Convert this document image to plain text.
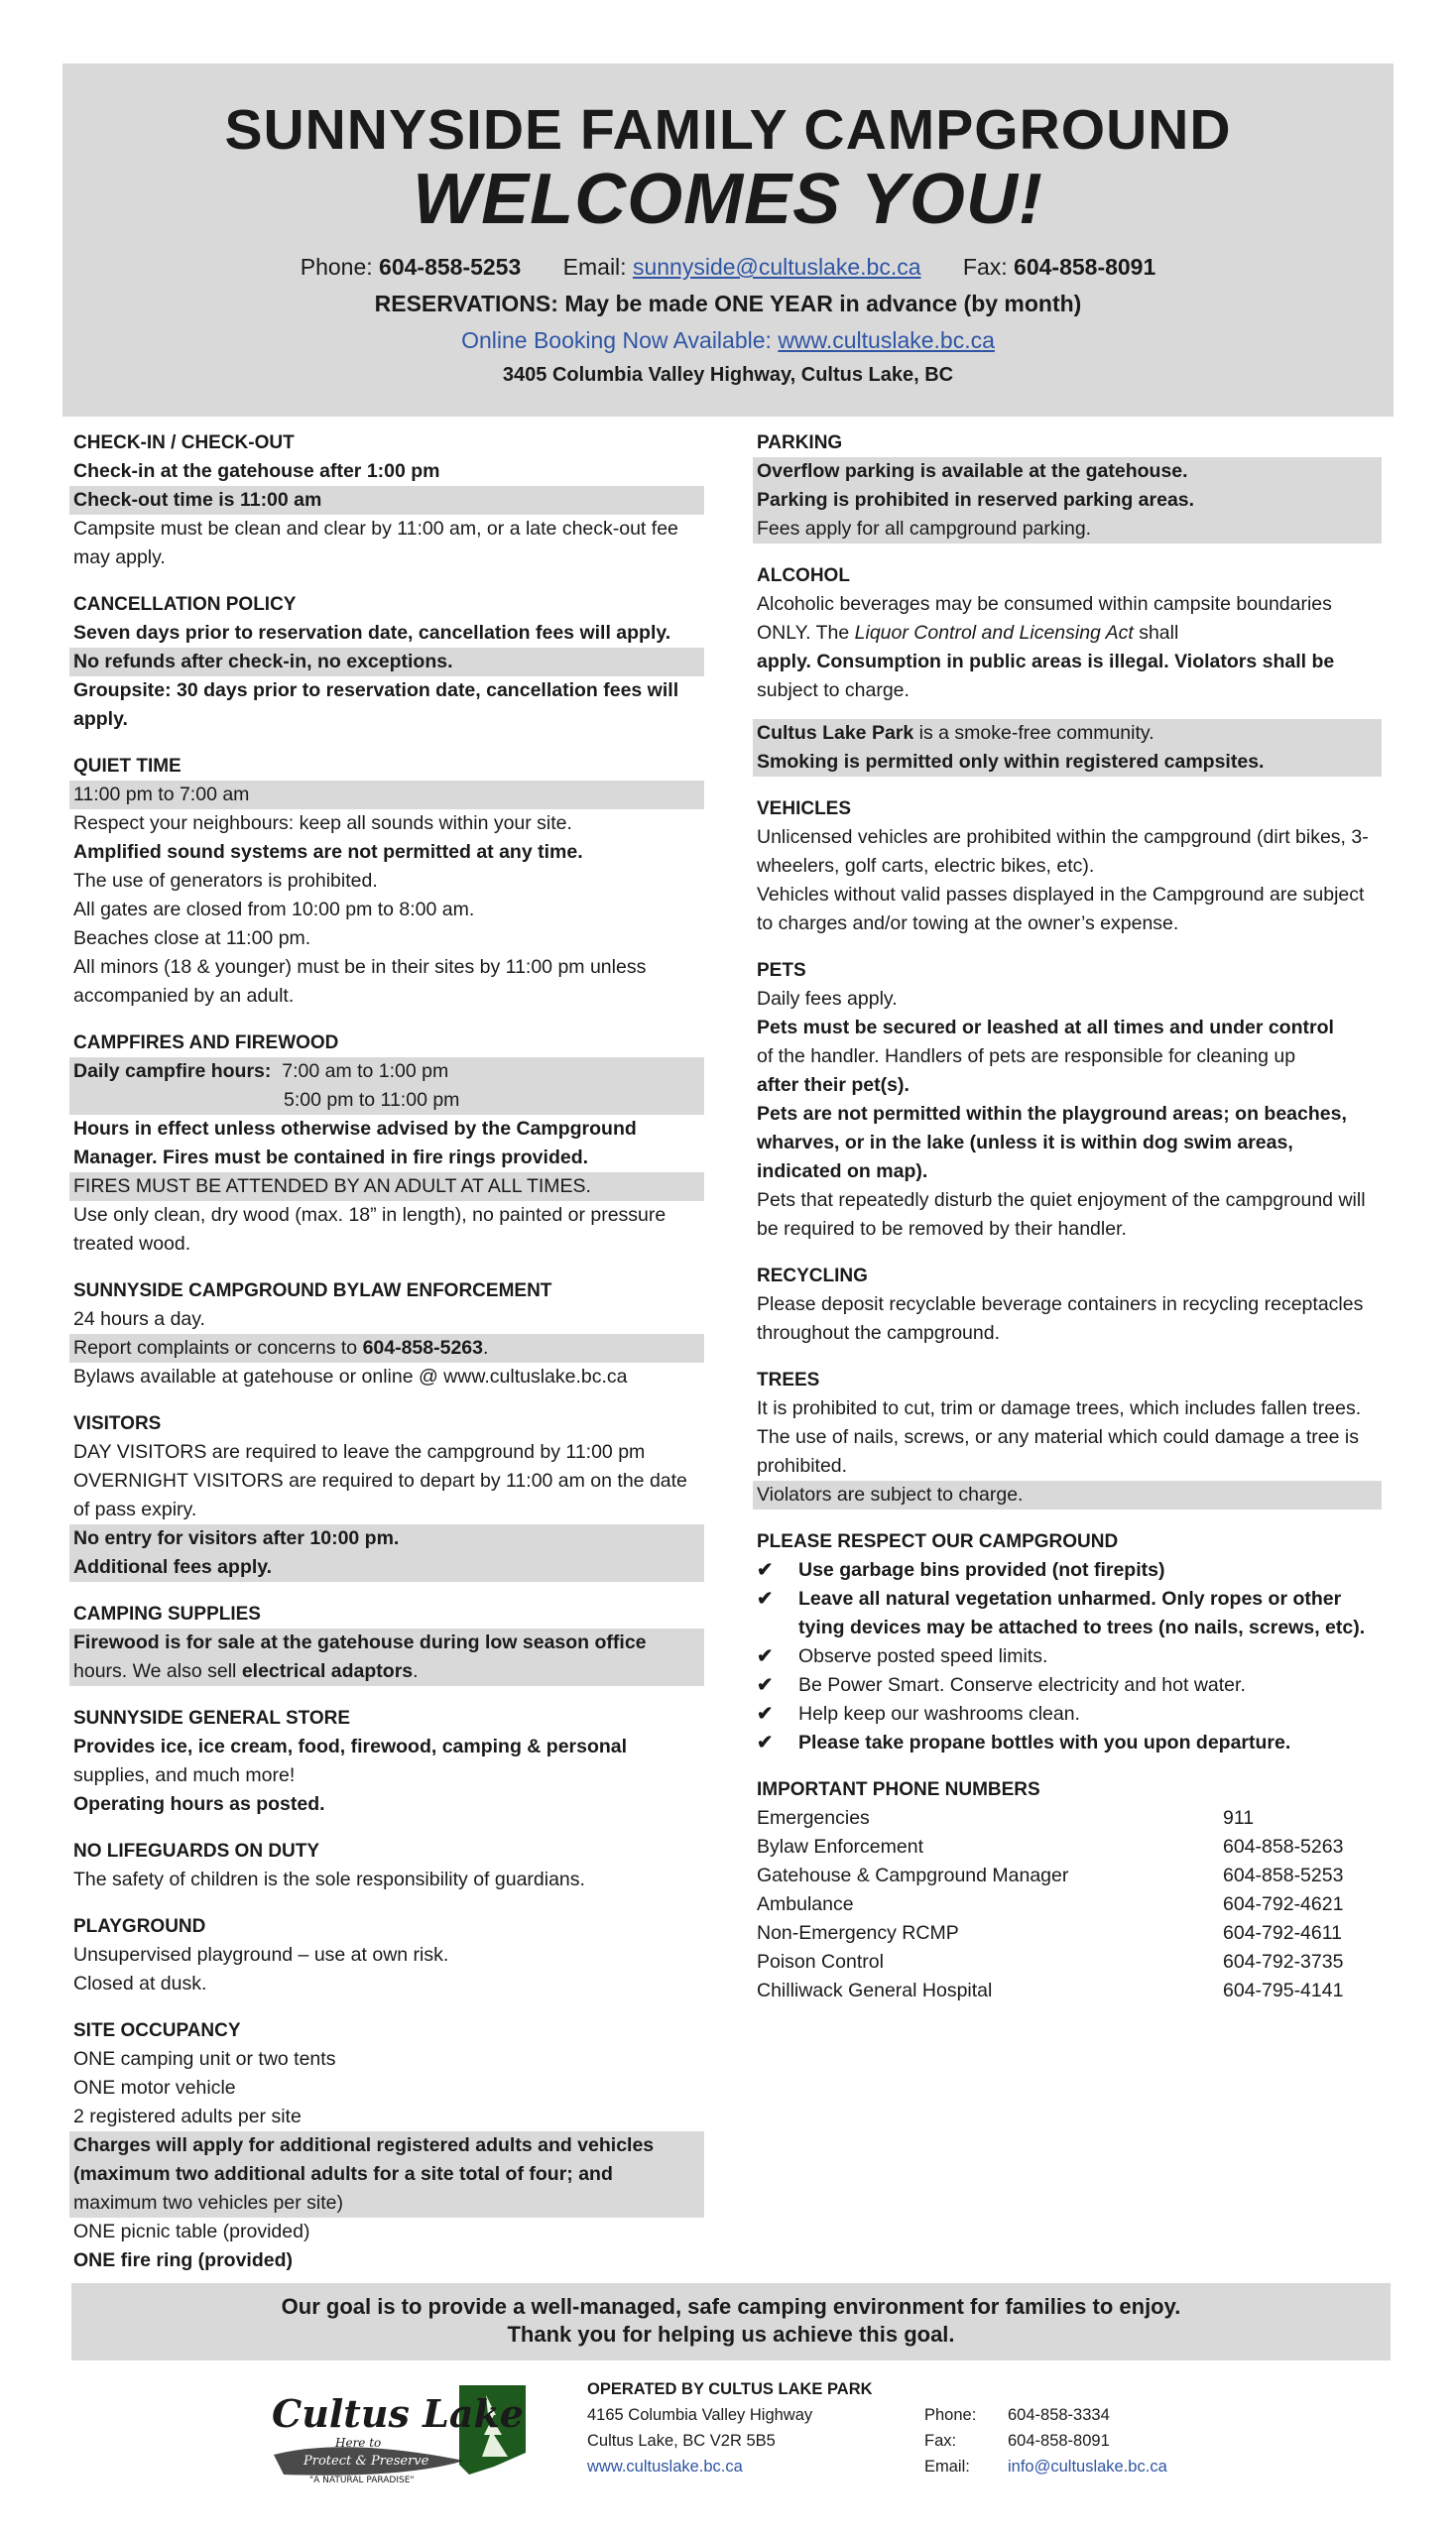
SUNNYSIDE FAMILY CAMPGROUND
WELCOMES YOU!
Phone: 604-858-5253 Email: sunnyside@cultuslake.bc.ca Fax: 604-858-8091
RESERVATIONS: May be made ONE YEAR in advance (by month)
Online Booking Now Available: www.cultuslake.bc.ca
3405 Columbia Valley Highway, Cultus Lake, BC
CHECK-IN / CHECK-OUT
Check-in at the gatehouse after 1:00 pm
Check-out time is 11:00 am
Campsite must be clean and clear by 11:00 am, or a late check-out fee may apply.
CANCELLATION POLICY
Seven days prior to reservation date, cancellation fees will apply.
No refunds after check-in, no exceptions.
Groupsite: 30 days prior to reservation date, cancellation fees will apply.
QUIET TIME
11:00 pm to 7:00 am
Respect your neighbours: keep all sounds within your site.
Amplified sound systems are not permitted at any time.
The use of generators is prohibited.
All gates are closed from 10:00 pm to 8:00 am.
Beaches close at 11:00 pm.
All minors (18 & younger) must be in their sites by 11:00 pm unless accompanied by an adult.
CAMPFIRES AND FIREWOOD
Daily campfire hours: 7:00 am to 1:00 pm
5:00 pm to 11:00 pm
Hours in effect unless otherwise advised by the Campground Manager. Fires must be contained in fire rings provided.
FIRES MUST BE ATTENDED BY AN ADULT AT ALL TIMES.
Use only clean, dry wood (max. 18” in length), no painted or pressure treated wood.
SUNNYSIDE CAMPGROUND BYLAW ENFORCEMENT
24 hours a day.
Report complaints or concerns to 604-858-5263.
Bylaws available at gatehouse or online @ www.cultuslake.bc.ca
VISITORS
DAY VISITORS are required to leave the campground by 11:00 pm
OVERNIGHT VISITORS are required to depart by 11:00 am on the date of pass expiry.
No entry for visitors after 10:00 pm.
Additional fees apply.
CAMPING SUPPLIES
Firewood is for sale at the gatehouse during low season office
hours. We also sell electrical adaptors.
SUNNYSIDE GENERAL STORE
Provides ice, ice cream, food, firewood, camping & personal
supplies, and much more!
Operating hours as posted.
NO LIFEGUARDS ON DUTY
The safety of children is the sole responsibility of guardians.
PLAYGROUND
Unsupervised playground – use at own risk.
Closed at dusk.
SITE OCCUPANCY
ONE camping unit or two tents
ONE motor vehicle
2 registered adults per site
Charges will apply for additional registered adults and vehicles (maximum two additional adults for a site total of four; and
maximum two vehicles per site)
ONE picnic table (provided)
ONE fire ring (provided)
PARKING
Overflow parking is available at the gatehouse.
Parking is prohibited in reserved parking areas.
Fees apply for all campground parking.
ALCOHOL
Alcoholic beverages may be consumed within campsite boundaries ONLY. The Liquor Control and Licensing Act shall
apply. Consumption in public areas is illegal. Violators shall be
subject to charge.
Cultus Lake Park is a smoke-free community.
Smoking is permitted only within registered campsites.
VEHICLES
Unlicensed vehicles are prohibited within the campground (dirt bikes, 3-wheelers, golf carts, electric bikes, etc).
Vehicles without valid passes displayed in the Campground are subject to charges and/or towing at the owner’s expense.
PETS
Daily fees apply.
Pets must be secured or leashed at all times and under control
of the handler. Handlers of pets are responsible for cleaning up
after their pet(s).
Pets are not permitted within the playground areas; on beaches, wharves, or in the lake (unless it is within dog swim areas, indicated on map).
Pets that repeatedly disturb the quiet enjoyment of the campground will be required to be removed by their handler.
RECYCLING
Please deposit recyclable beverage containers in recycling receptacles throughout the campground.
TREES
It is prohibited to cut, trim or damage trees, which includes fallen trees.
The use of nails, screws, or any material which could damage a tree is prohibited.
Violators are subject to charge.
PLEASE RESPECT OUR CAMPGROUND
✔	Use garbage bins provided (not firepits)
✔	Leave all natural vegetation unharmed. Only ropes or other tying devices may be attached to trees (no nails, screws, etc).
✔	Observe posted speed limits.
✔	Be Power Smart. Conserve electricity and hot water.
✔	Help keep our washrooms clean.
✔	Please take propane bottles with you upon departure.
IMPORTANT PHONE NUMBERS
Emergencies	911
Bylaw Enforcement	604-858-5263
Gatehouse & Campground Manager	604-858-5253
Ambulance	604-792-4621
Non-Emergency RCMP	604-792-4611
Poison Control	604-792-3735
Chilliwack General Hospital	604-795-4141
Our goal is to provide a well-managed, safe camping environment for families to enjoy.
Thank you for helping us achieve this goal.
Cultus Lake
Here to
Protect & Preserve
"A NATURAL PARADISE"
OPERATED BY CULTUS LAKE PARK
4165 Columbia Valley Highway
Cultus Lake, BC V2R 5B5
www.cultuslake.bc.ca
Phone: 604-858-3334
Fax:	604-858-8091
Email: info@cultuslake.bc.ca
